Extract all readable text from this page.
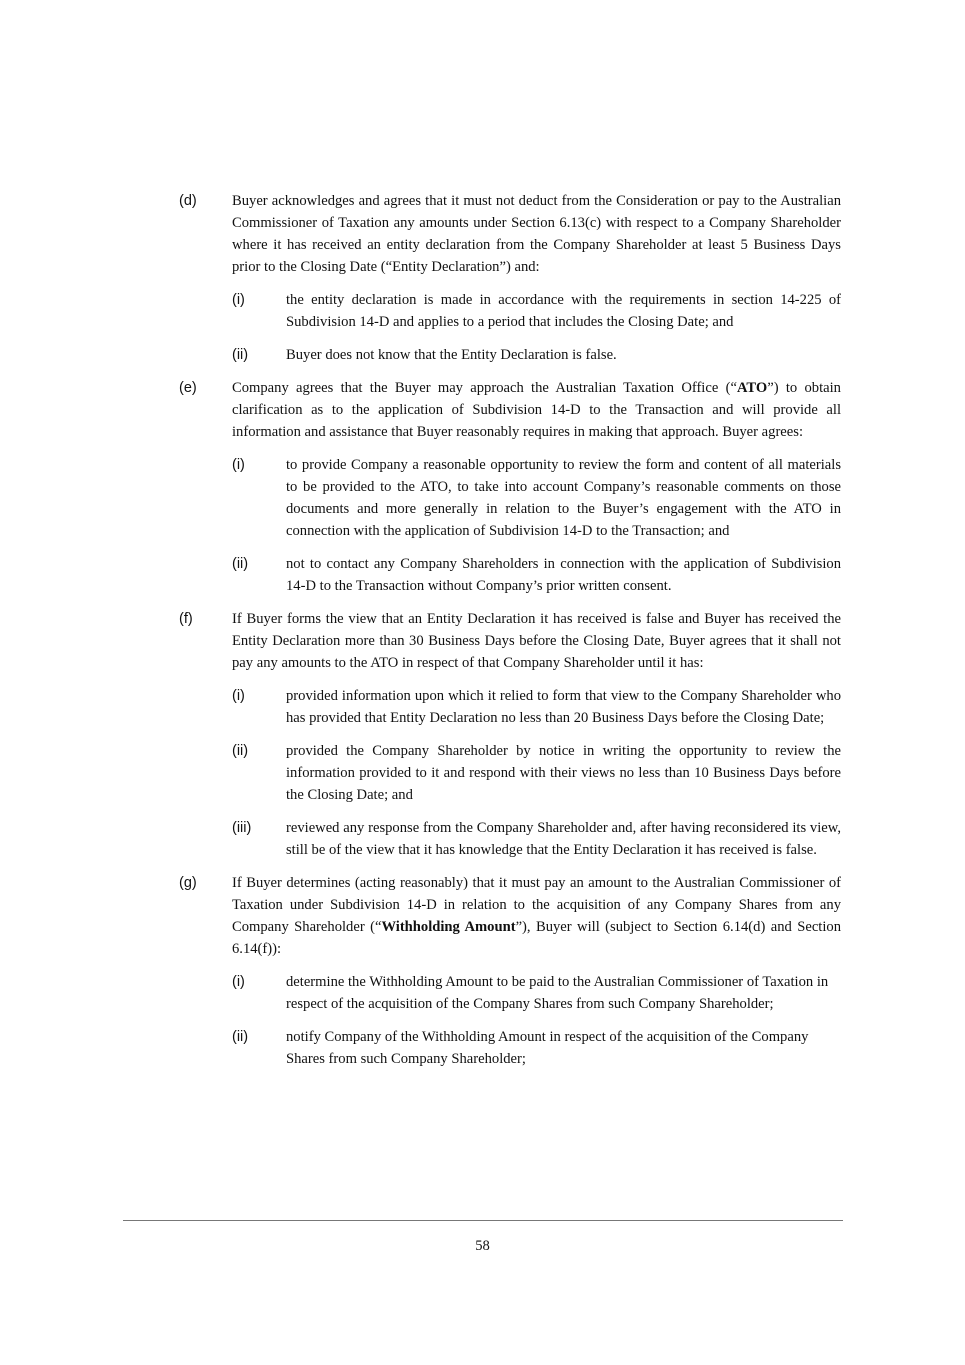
(d)	Buyer acknowledges and agrees that it must not deduct from the Consideration or pay to the Australian Commissioner of Taxation any amounts under Section 6.13(c) with respect to a Company Shareholder where it has received an entity declaration from the Company Shareholder at least 5 Business Days prior to the Closing Date (“Entity Declaration”) and:
(i)	the entity declaration is made in accordance with the requirements in section 14-225 of Subdivision 14-D and applies to a period that includes the Closing Date; and
(ii)	Buyer does not know that the Entity Declaration is false.
(e)	Company agrees that the Buyer may approach the Australian Taxation Office (“ATO”) to obtain clarification as to the application of Subdivision 14-D to the Transaction and will provide all information and assistance that Buyer reasonably requires in making that approach. Buyer agrees:
(i)	to provide Company a reasonable opportunity to review the form and content of all materials to be provided to the ATO, to take into account Company’s reasonable comments on those documents and more generally in relation to the Buyer’s engagement with the ATO in connection with the application of Subdivision 14-D to the Transaction; and
(ii)	not to contact any Company Shareholders in connection with the application of Subdivision 14-D to the Transaction without Company’s prior written consent.
(f)	If Buyer forms the view that an Entity Declaration it has received is false and Buyer has received the Entity Declaration more than 30 Business Days before the Closing Date, Buyer agrees that it shall not pay any amounts to the ATO in respect of that Company Shareholder until it has:
(i)	provided information upon which it relied to form that view to the Company Shareholder who has provided that Entity Declaration no less than 20 Business Days before the Closing Date;
(ii)	provided the Company Shareholder by notice in writing the opportunity to review the information provided to it and respond with their views no less than 10 Business Days before the Closing Date; and
(iii)	reviewed any response from the Company Shareholder and, after having reconsidered its view, still be of the view that it has knowledge that the Entity Declaration it has received is false.
(g)	If Buyer determines (acting reasonably) that it must pay an amount to the Australian Commissioner of Taxation under Subdivision 14-D in relation to the acquisition of any Company Shares from any Company Shareholder (“Withholding Amount”), Buyer will (subject to Section 6.14(d) and Section 6.14(f)):
(i)	determine the Withholding Amount to be paid to the Australian Commissioner of Taxation in respect of the acquisition of the Company Shares from such Company Shareholder;
(ii)	notify Company of the Withholding Amount in respect of the acquisition of the Company Shares from such Company Shareholder;
58
